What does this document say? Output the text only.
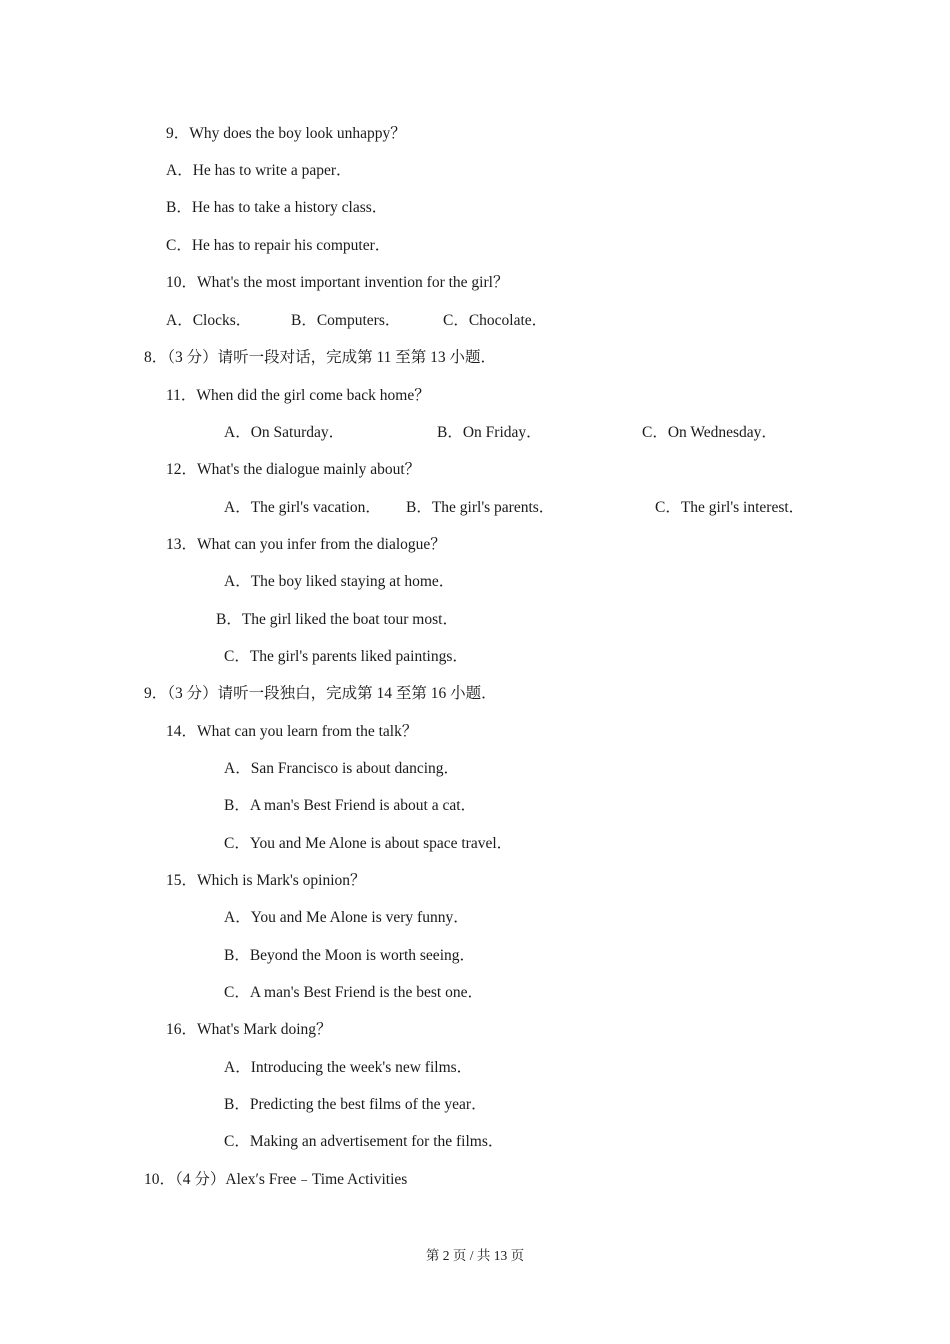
9．Why does the boy look unhappy？
A．He has to write a paper．
B．He has to take a history class．
C．He has to repair his computer．
10．What's the most important invention for the girl？
A．Clocks．	B．Computers．	C．Chocolate．
8．（3 分）请听一段对话，完成第 11 至第 13 小题．
11．When did the girl come back home？
A．On Saturday．	B．On Friday．	C．On Wednesday．
12．What's the dialogue mainly about？
A．The girl's vacation． B．The girl's parents．	C．The girl's interest．
13．What can you infer from the dialogue？
A．The boy liked staying at home．
B．The girl liked the boat tour most．
C．The girl's parents liked paintings．
9．（3 分）请听一段独白，完成第 14 至第 16 小题．
14．What can you learn from the talk？
A．San Francisco is about dancing．
B．A man's Best Friend is about a cat．
C．You and Me Alone is about space travel．
15．Which is Mark's opinion？
A．You and Me Alone is very funny．
B．Beyond the Moon is worth seeing．
C．A man's Best Friend is the best one．
16．What's Mark doing？
A．Introducing the week's new films．
B．Predicting the best films of the year．
C．Making an advertisement for the films．
10．（4 分）Alex′s Free﹣Time Activities
第 2 页 / 共 13 页
